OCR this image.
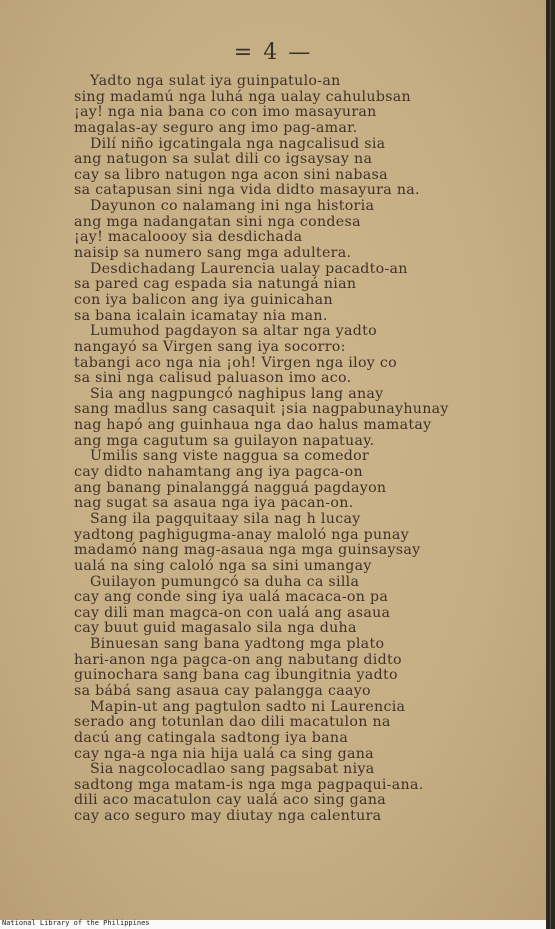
= 4 —
Yadto nga sulat iya guinpatulo-an
sing madamú nga luhá nga ualay cahulubsan
¡ay! nga nia bana co con imo masayuran
magalas-ay seguro ang imo pag-amar.
Dilí niño igcatingala nga nagcalisud sia
ang natugon sa sulat dili co igsaysay na
cay sa libro natugon nga acon sini nabasa
sa catapusan sini nga vida didto masayura na.
Dayunon co nalamang ini nga historia
ang mga nadangatan sini nga condesa
¡ay! macaloooy sia desdichada
naisip sa numero sang mga adultera.
Desdichadang Laurencia ualay pacadto-an
sa pared cag espada sia natungá nian
con iya balicon ang iya guinicahan
sa bana icalain icamatay nia man.
Lumuhod pagdayon sa altar nga yadto
nangayó sa Virgen sang iya socorro:
tabangi aco nga nia ¡oh! Virgen nga iloy co
sa sini nga calisud paluason imo aco.
Sia ang nagpungcó naghipus lang anay
sang madlus sang casaquit ¡sia nagpabunayhunay
nag hapó ang guinhaua nga dao halus mamatay
ang mga cagutum sa guilayon napatuay.
Umilis sang viste naggua sa comedor
cay didto nahamtang ang iya pagca-on
ang banang pinalanggá nagguá pagdayon
nag sugat sa asaua nga iya pacan-on.
Sang ila pagquitaay sila nag h lucay
yadtong paghigugma-anay maloló nga punay
madamó nang mag-asaua nga mga guinsaysay
ualá na sing caloló nga sa sini umangay
Guilayon pumungcó sa duha ca silla
cay ang conde sing iya ualá macaca-on pa
cay dili man magca-on con ualá ang asaua
cay buut guid magasalo sila nga duha
Binuesan sang bana yadtong mga plato
hari-anon nga pagca-on ang nabutang didto
guinochara sang bana cag ibungitnia yadto
sa bábá sang asaua cay palangga caayo
Mapin-ut ang pagtulon sadto ni Laurencia
serado ang totunlan dao dili macatulon na
dacú ang catingala sadtong iya bana
cay nga-a nga nia hija ualá ca sing gana
Sia nagcolocadlao sang pagsabat niya
sadtong mga matam-is nga mga pagpaqui-ana.
dili aco macatulon cay ualá aco sing gana
cay aco seguro may diutay nga calentura
National Library of the Philippines
